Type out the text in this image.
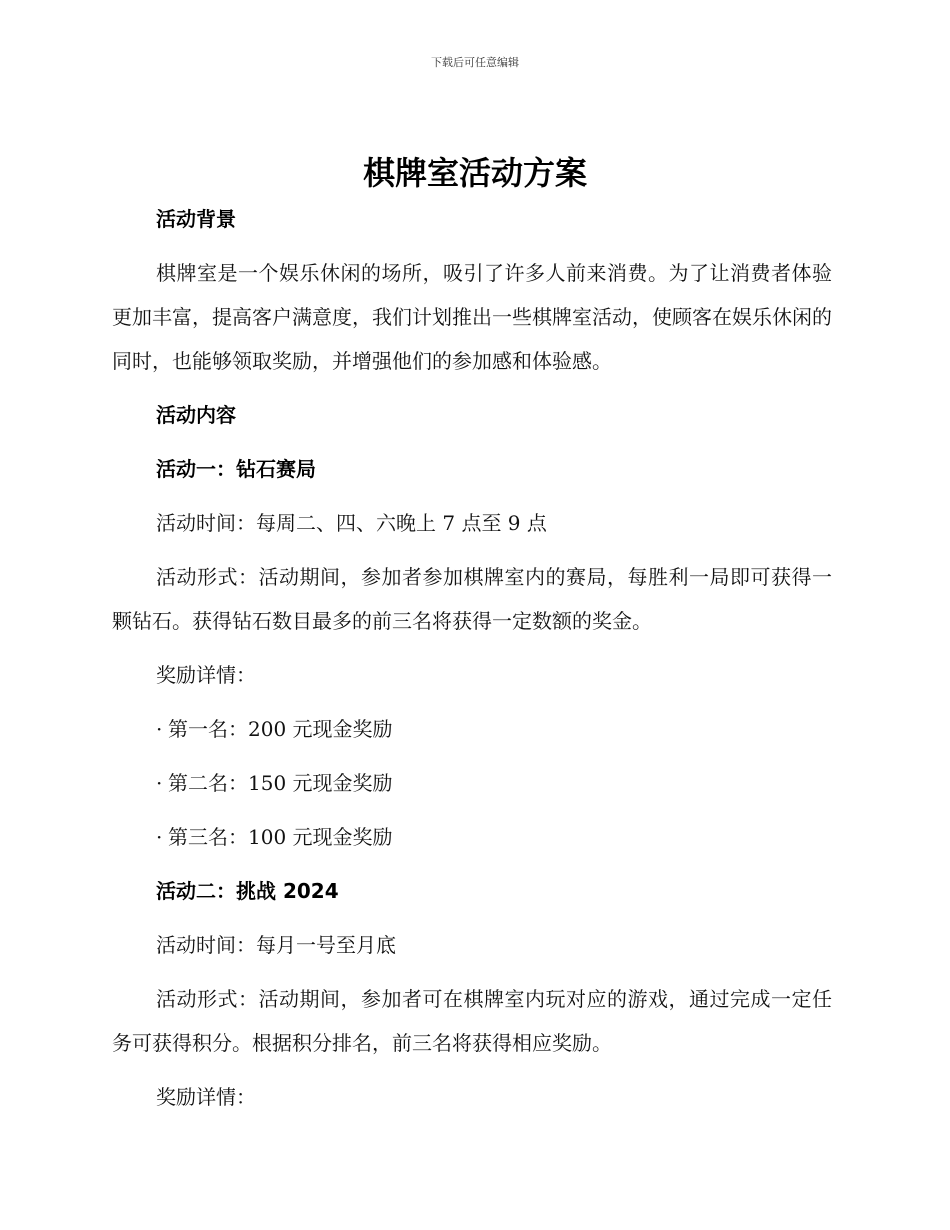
下载后可任意编辑
棋牌室活动方案
活动背景

棋牌室是一个娱乐休闲的场所，吸引了许多人前来消费。为了让消费者体验更加丰富，提高客户满意度，我们计划推出一些棋牌室活动，使顾客在娱乐休闲的同时，也能够领取奖励，并增强他们的参加感和体验感。

活动内容
活动一：钻石赛局

活动时间：每周二、四、六晚上 7 点至 9 点

活动形式：活动期间，参加者参加棋牌室内的赛局，每胜利一局即可获得一颗钻石。获得钻石数目最多的前三名将获得一定数额的奖金。

奖励详情：

· 第一名：200 元现金奖励
· 第二名：150 元现金奖励
· 第三名：100 元现金奖励
活动二：挑战 2024

活动时间：每月一号至月底

活动形式：活动期间，参加者可在棋牌室内玩对应的游戏，通过完成一定任务可获得积分。根据积分排名，前三名将获得相应奖励。

奖励详情：
